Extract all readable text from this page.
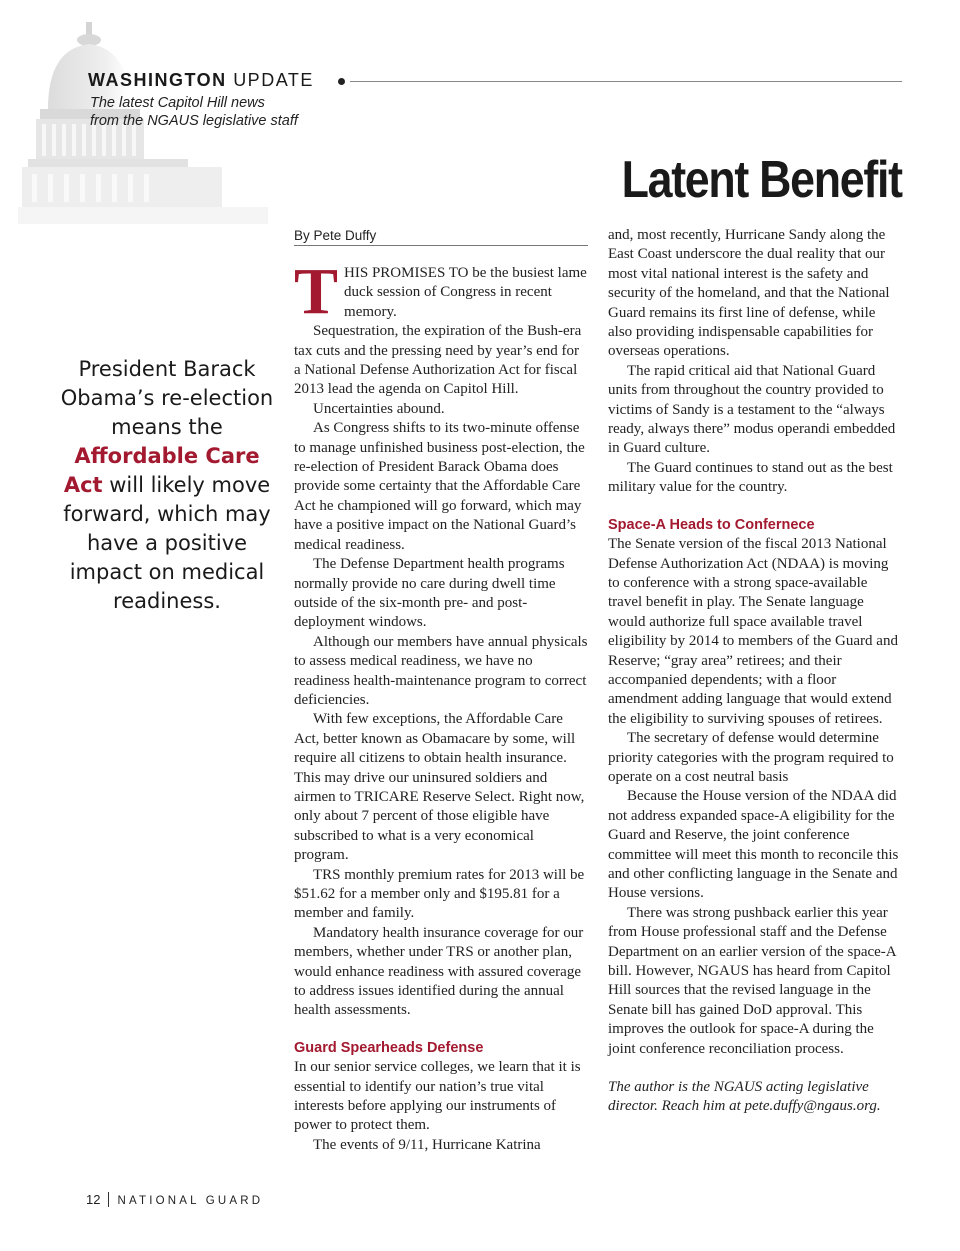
WASHINGTON UPDATE
The latest Capitol Hill news
from the NGAUS legislative staff
Latent Benefit
President Barack Obama’s re-election means the Affordable Care Act will likely move forward, which may have a positive impact on medical readiness.
By Pete Duffy

THIS PROMISES TO be the busiest lame duck session of Congress in recent memory.

Sequestration, the expiration of the Bush-era tax cuts and the pressing need by year’s end for a National Defense Authorization Act for fiscal 2013 lead the agenda on Capitol Hill.

Uncertainties abound.

As Congress shifts to its two-minute offense to manage unfinished business post-election, the re-election of President Barack Obama does provide some certainty that the Affordable Care Act he championed will go forward, which may have a positive impact on the National Guard’s medical readiness.

The Defense Department health programs normally provide no care during dwell time outside of the six-month pre- and post-deployment windows.

Although our members have annual physicals to assess medical readiness, we have no readiness health-maintenance program to correct deficiencies.

With few exceptions, the Affordable Care Act, better known as Obamacare by some, will require all citizens to obtain health insurance. This may drive our uninsured soldiers and airmen to TRICARE Reserve Select. Right now, only about 7 percent of those eligible have subscribed to what is a very economical program.

TRS monthly premium rates for 2013 will be $51.62 for a member only and $195.81 for a member and family.

Mandatory health insurance coverage for our members, whether under TRS or another plan, would enhance readiness with assured coverage to address issues identified during the annual health assessments.

Guard Spearheads Defense

In our senior service colleges, we learn that it is essential to identify our nation’s true vital interests before applying our instruments of power to protect them.

The events of 9/11, Hurricane Katrina

and, most recently, Hurricane Sandy along the East Coast underscore the dual reality that our most vital national interest is the safety and security of the homeland, and that the National Guard remains its first line of defense, while also providing indispensable capabilities for overseas operations.

The rapid critical aid that National Guard units from throughout the country provided to victims of Sandy is a testament to the “always ready, always there” modus operandi embedded in Guard culture.

The Guard continues to stand out as the best military value for the country.

Space-A Heads to Confernece

The Senate version of the fiscal 2013 National Defense Authorization Act (NDAA) is moving to conference with a strong space-available travel benefit in play. The Senate language would authorize full space available travel eligibility by 2014 to members of the Guard and Reserve; “gray area” retirees; and their accompanied dependents; with a floor amendment adding language that would extend the eligibility to surviving spouses of retirees.

The secretary of defense would determine priority categories with the program required to operate on a cost neutral basis

Because the House version of the NDAA did not address expanded space-A eligibility for the Guard and Reserve, the joint conference committee will meet this month to reconcile this and other conflicting language in the Senate and House versions.

There was strong pushback earlier this year from House professional staff and the Defense Department on an earlier version of the space-A bill. However, NGAUS has heard from Capitol Hill sources that the revised language in the Senate bill has gained DoD approval. This improves the outlook for space-A during the joint conference reconciliation process.

The author is the NGAUS acting legislative director. Reach him at pete.duffy@ngaus.org.

12 NATIONAL GUARD
